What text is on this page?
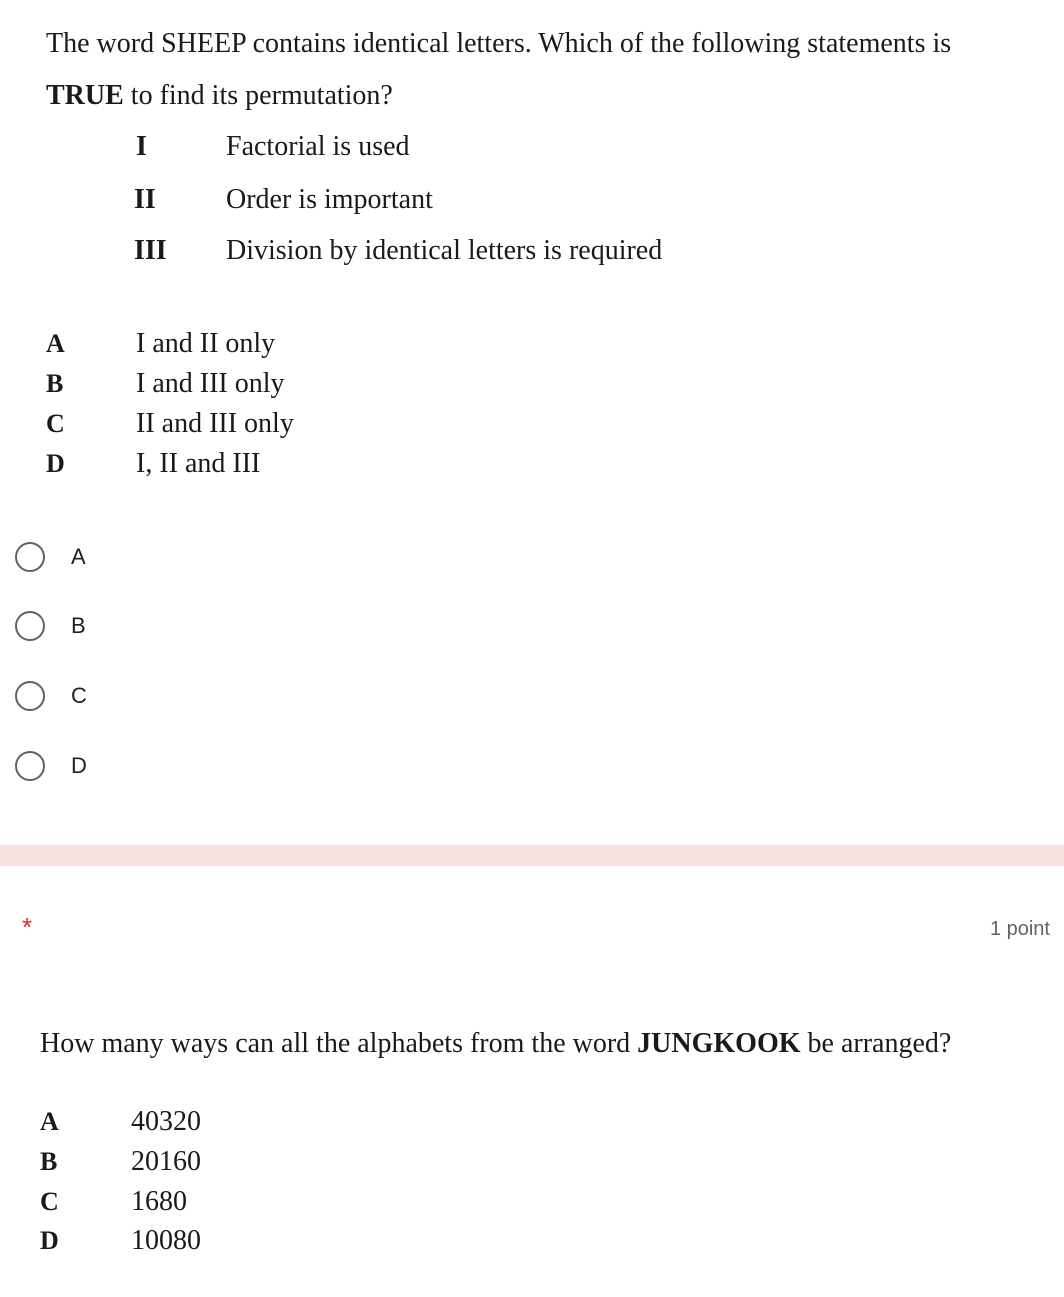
The word SHEEP contains identical letters. Which of the following statements is
TRUE to find its permutation?
I	Factorial is used
II	Order is important
III Division by identical letters is required
A	I and II only
B	I and III only
C	II and III only
D	I, II and III
A
B
C
D
*	1 point
How many ways can all the alphabets from the word JUNGKOOK be arranged?
A	40320
B	20160
C	1680
D	10080
